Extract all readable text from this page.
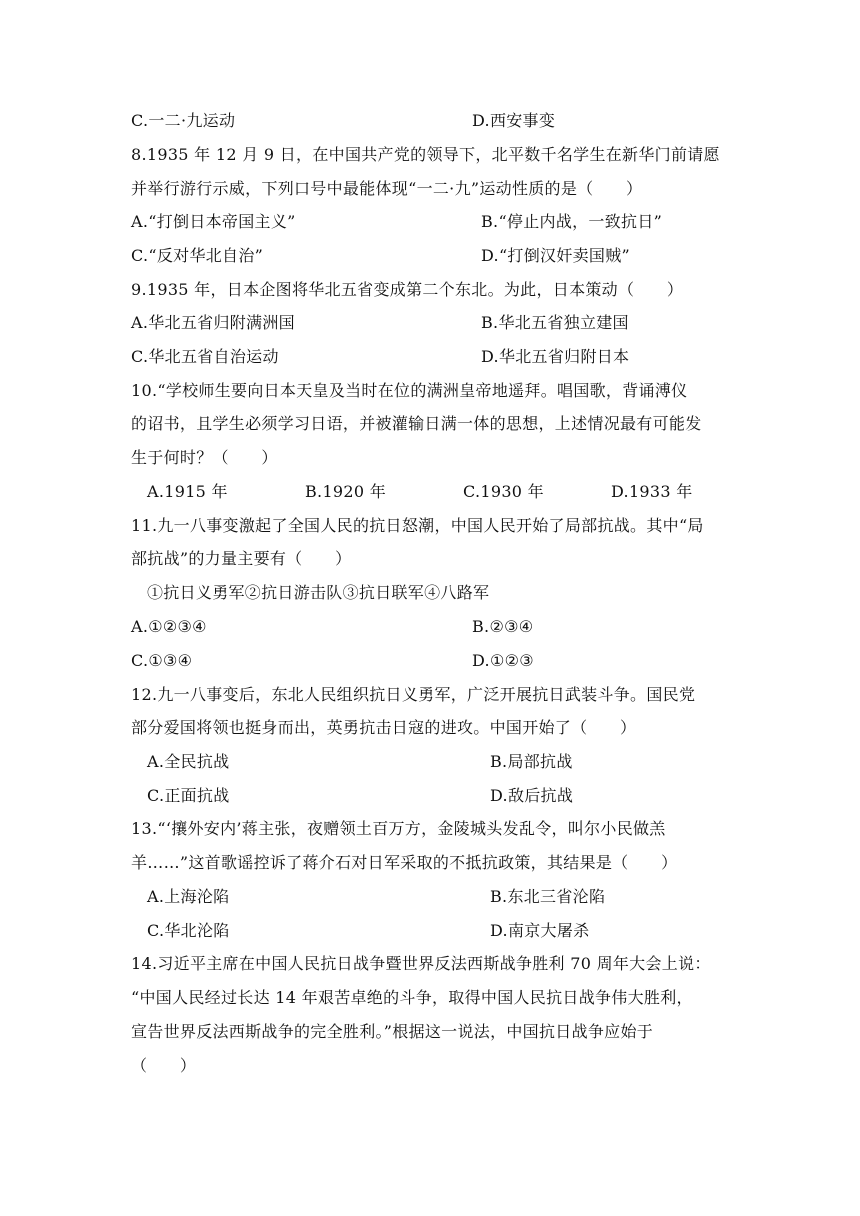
C.一二·九运动	D.西安事变
8.1935 年 12 月 9 日，在中国共产党的领导下，北平数千名学生在新华门前请愿
并举行游行示威，下列口号中最能体现“一二·九”运动性质的是（　　）
A.“打倒日本帝国主义”	B.“停止内战，一致抗日”
C.“反对华北自治”	D.“打倒汉奸卖国贼”
9.1935 年，日本企图将华北五省变成第二个东北。为此，日本策动（　　）
A.华北五省归附满洲国	B.华北五省独立建国
C.华北五省自治运动	D.华北五省归附日本
10.“学校师生要向日本天皇及当时在位的满洲皇帝地遥拜。唱国歌，背诵溥仪
的诏书，且学生必须学习日语，并被灌输日满一体的思想，上述情况最有可能发
生于何时？（　　）
A.1915 年	B.1920 年	C.1930 年	D.1933 年
11.九一八事变激起了全国人民的抗日怒潮，中国人民开始了局部抗战。其中“局
部抗战”的力量主要有（　　）
①抗日义勇军②抗日游击队③抗日联军④八路军
A.①②③④	B.②③④
C.①③④	D.①②③
12.九一八事变后，东北人民组织抗日义勇军，广泛开展抗日武装斗争。国民党
部分爱国将领也挺身而出，英勇抗击日寇的进攻。中国开始了（　　）
A.全民抗战	B.局部抗战
C.正面抗战	D.敌后抗战
13.“‘攘外安内’蒋主张，夜赠领土百万方，金陵城头发乱令，叫尔小民做羔
羊……”这首歌谣控诉了蒋介石对日军采取的不抵抗政策，其结果是（　　）
A.上海沦陷	B.东北三省沦陷
C.华北沦陷	D.南京大屠杀
14.习近平主席在中国人民抗日战争暨世界反法西斯战争胜利 70 周年大会上说：
“中国人民经过长达 14 年艰苦卓绝的斗争，取得中国人民抗日战争伟大胜利，
宣告世界反法西斯战争的完全胜利。”根据这一说法，中国抗日战争应始于
（　　）
